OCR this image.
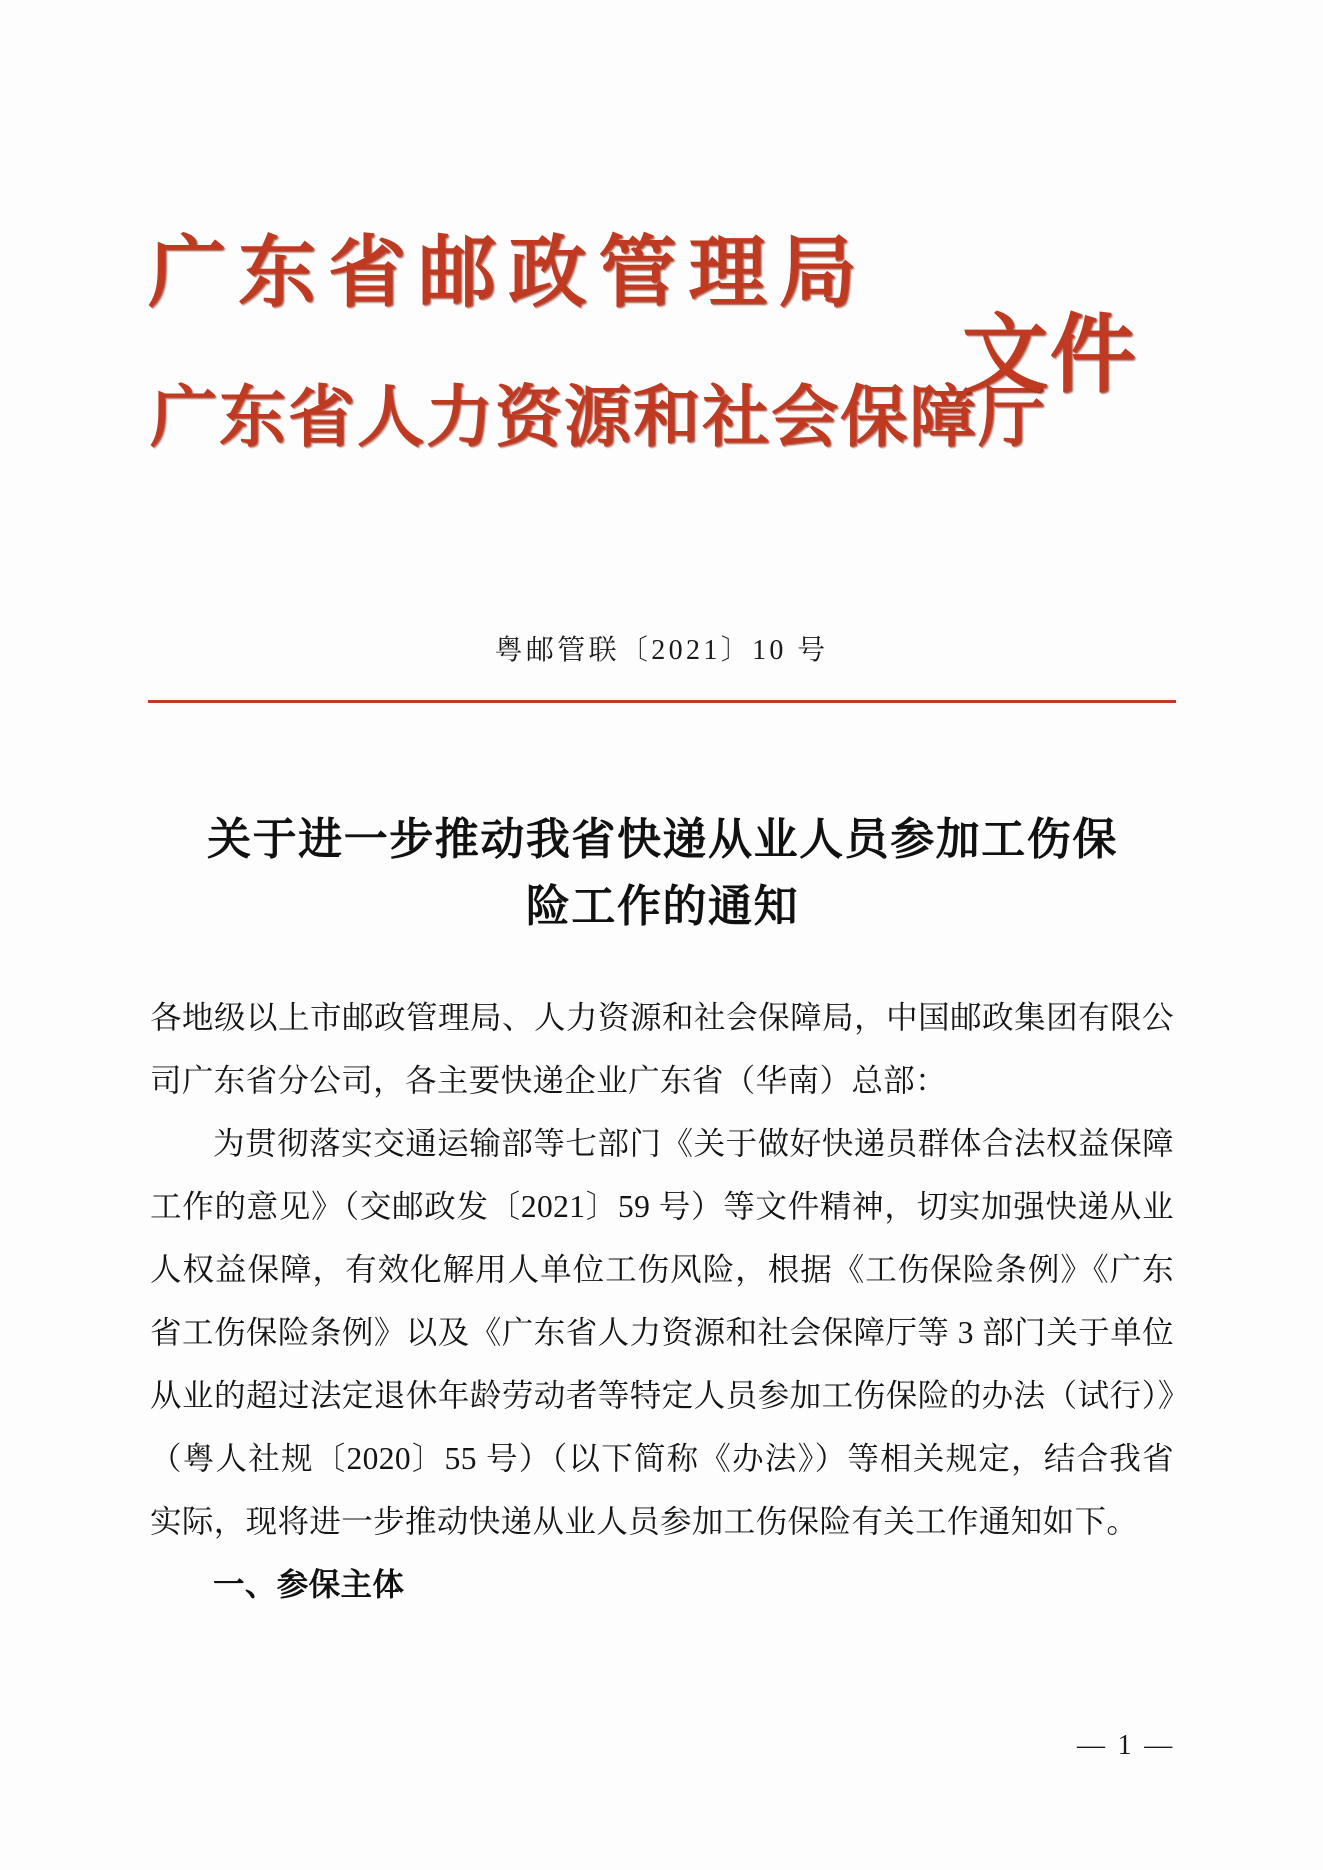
广东省邮政管理局
广东省人力资源和社会保障厅
文件
粤邮管联〔2021〕10 号
关于进一步推动我省快递从业人员参加工伤保险工作的通知

各地级以上市邮政管理局、人力资源和社会保障局，中国邮政集团有限公司广东省分公司，各主要快递企业广东省（华南）总部：

为贯彻落实交通运输部等七部门《关于做好快递员群体合法权益保障工作的意见》（交邮政发〔2021〕59 号）等文件精神，切实加强快递从业人权益保障，有效化解用人单位工伤风险，根据《工伤保险条例》《广东省工伤保险条例》以及《广东省人力资源和社会保障厅等 3 部门关于单位从业的超过法定退休年龄劳动者等特定人员参加工伤保险的办法（试行）》（粤人社规〔2020〕55 号）（以下简称《办法》）等相关规定，结合我省实际，现将进一步推动快递从业人员参加工伤保险有关工作通知如下。

一、参保主体

— 1 —
